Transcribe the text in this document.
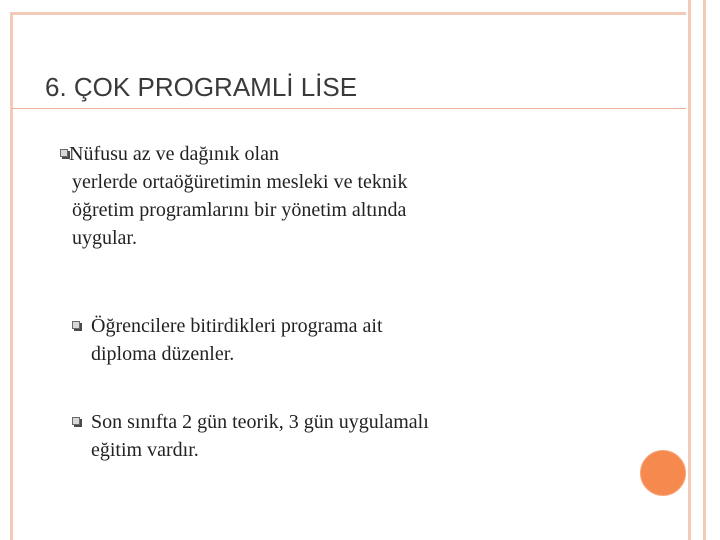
6. ÇOK PROGRAMLİ LİSE
Nüfusu az ve dağınık olan
yerlerde ortaöğüretimin mesleki ve teknik
öğretim programlarını bir yönetim altında
uygular.
Öğrencilere bitirdikleri programa ait
diploma düzenler.
Son sınıfta 2 gün teorik, 3 gün uygulamalı
eğitim vardır.
